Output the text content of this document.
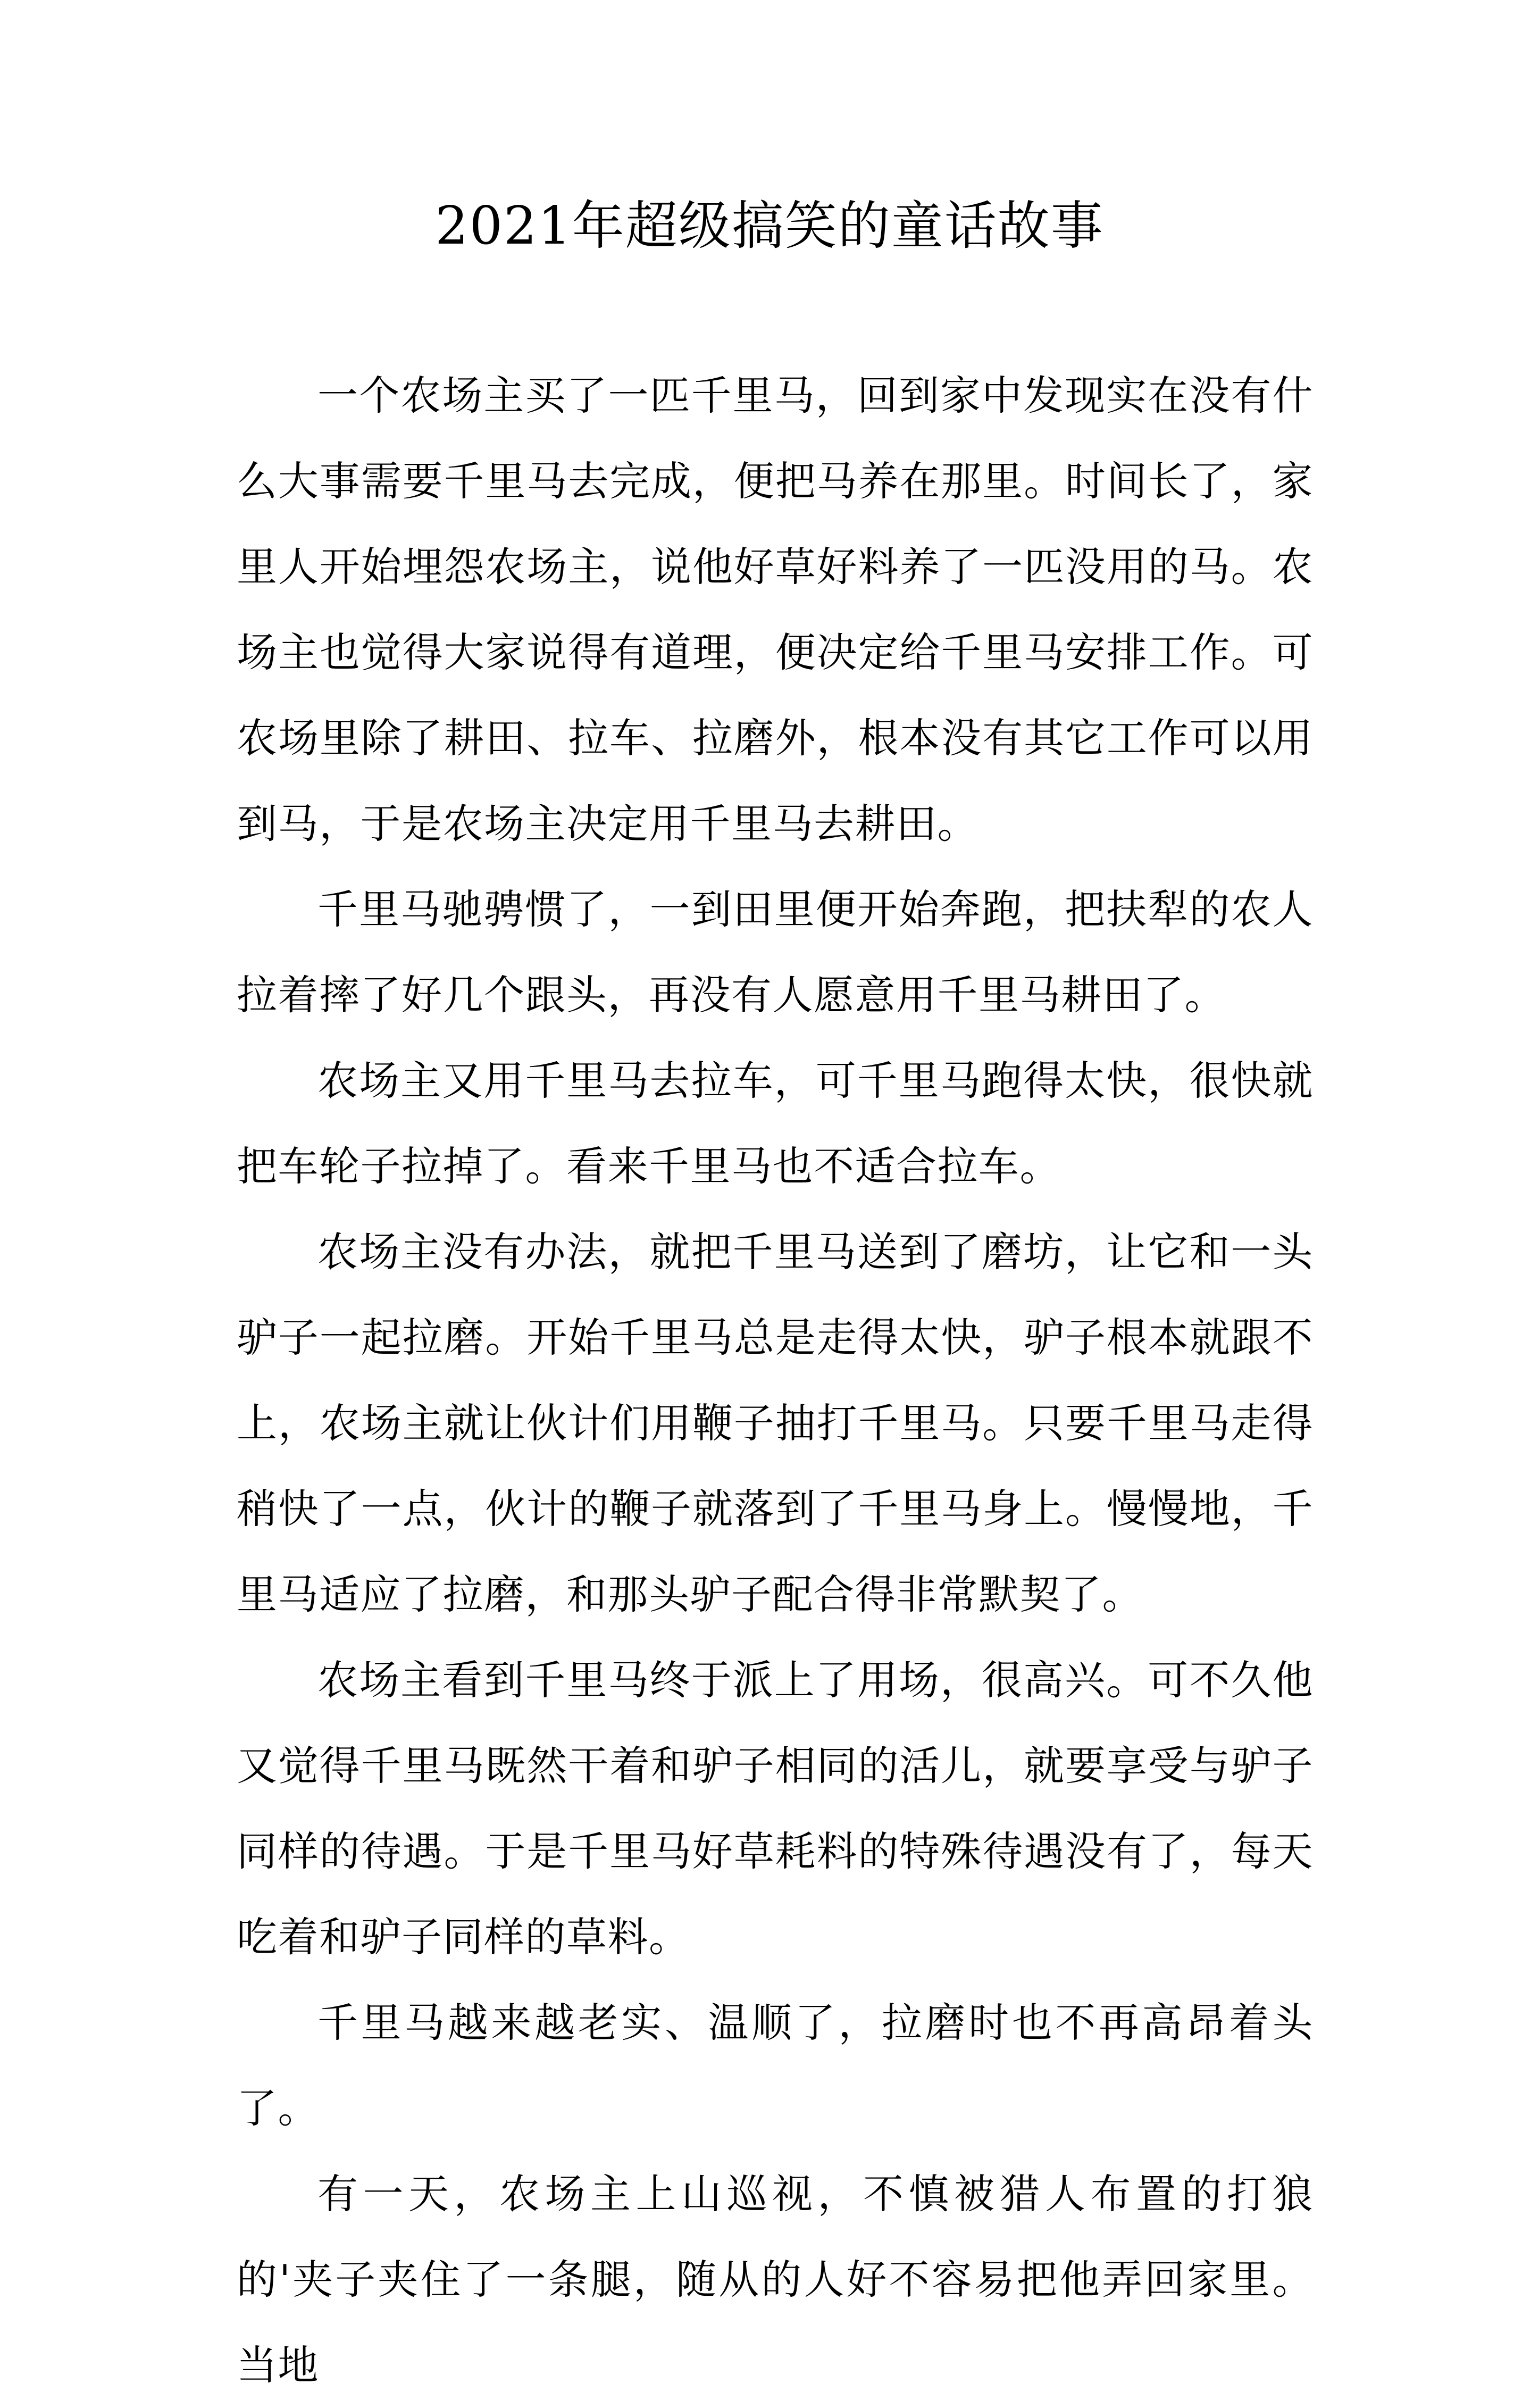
2021年超级搞笑的童话故事

一个农场主买了一匹千里马，回到家中发现实在没有什么大事需要千里马去完成，便把马养在那里。时间长了，家里人开始埋怨农场主，说他好草好料养了一匹没用的马。农场主也觉得大家说得有道理，便决定给千里马安排工作。可农场里除了耕田、拉车、拉磨外，根本没有其它工作可以用到马，于是农场主决定用千里马去耕田。

千里马驰骋惯了，一到田里便开始奔跑，把扶犁的农人拉着摔了好几个跟头，再没有人愿意用千里马耕田了。

农场主又用千里马去拉车，可千里马跑得太快，很快就把车轮子拉掉了。看来千里马也不适合拉车。

农场主没有办法，就把千里马送到了磨坊，让它和一头驴子一起拉磨。开始千里马总是走得太快，驴子根本就跟不上，农场主就让伙计们用鞭子抽打千里马。只要千里马走得稍快了一点，伙计的鞭子就落到了千里马身上。慢慢地，千里马适应了拉磨，和那头驴子配合得非常默契了。

农场主看到千里马终于派上了用场，很高兴。可不久他又觉得千里马既然干着和驴子相同的活儿，就要享受与驴子同样的待遇。于是千里马好草耗料的特殊待遇没有了，每天吃着和驴子同样的草料。

千里马越来越老实、温顺了，拉磨时也不再高昂着头了。

有一天，农场主上山巡视，不慎被猎人布置的打狼的'夹子夹住了一条腿，随从的人好不容易把他弄回家里。当地
